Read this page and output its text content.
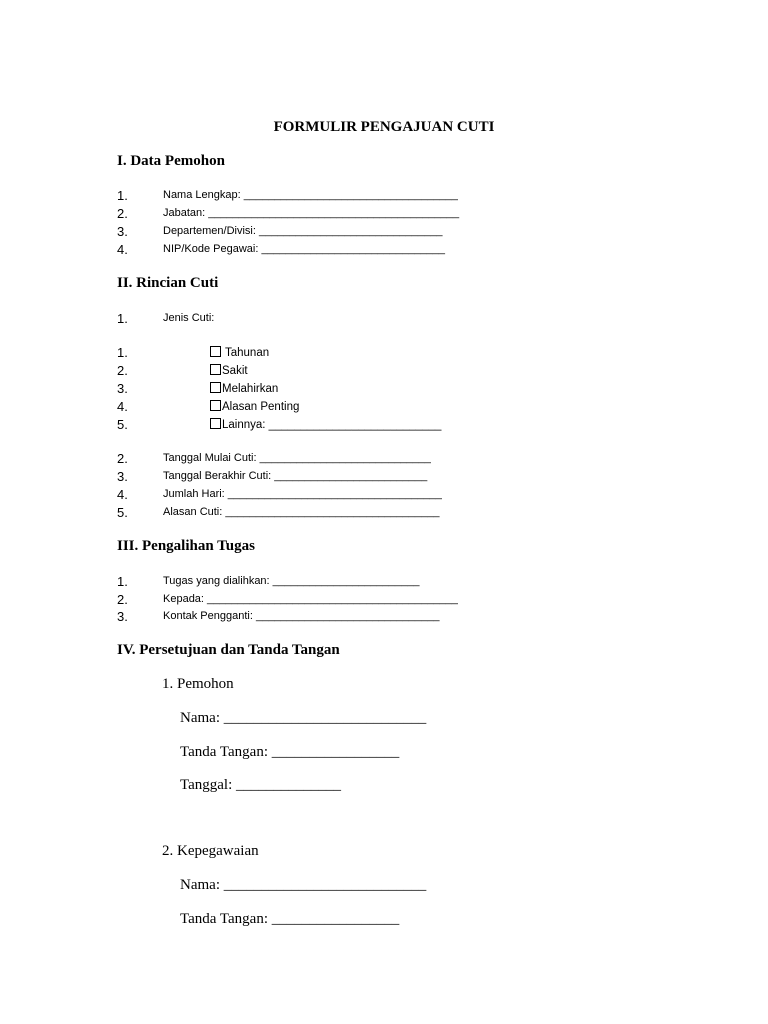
FORMULIR PENGAJUAN CUTI
I. Data Pemohon
1.	Nama Lengkap: ___________________________________
2.	Jabatan: _________________________________________
3.	Departemen/Divisi: ______________________________
4.	NIP/Kode Pegawai: ______________________________
II. Rincian Cuti
1.	Jenis Cuti:
1.	Tahunan
2.	Sakit
3.	Melahirkan
4.	Alasan Penting
5.	Lainnya: ___________________________
2.	Tanggal Mulai Cuti: ____________________________
3.	Tanggal Berakhir Cuti: _________________________
4.	Jumlah Hari: ___________________________________
5.	Alasan Cuti: ___________________________________
III. Pengalihan Tugas
1.	Tugas yang dialihkan: ________________________
2.	Kepada: _________________________________________
3.	Kontak Pengganti: ______________________________
IV. Persetujuan dan Tanda Tangan
1. Pemohon
Nama: ___________________________
Tanda Tangan: _________________
Tanggal: ______________
2. Kepegawaian
Nama: ___________________________
Tanda Tangan: _________________
